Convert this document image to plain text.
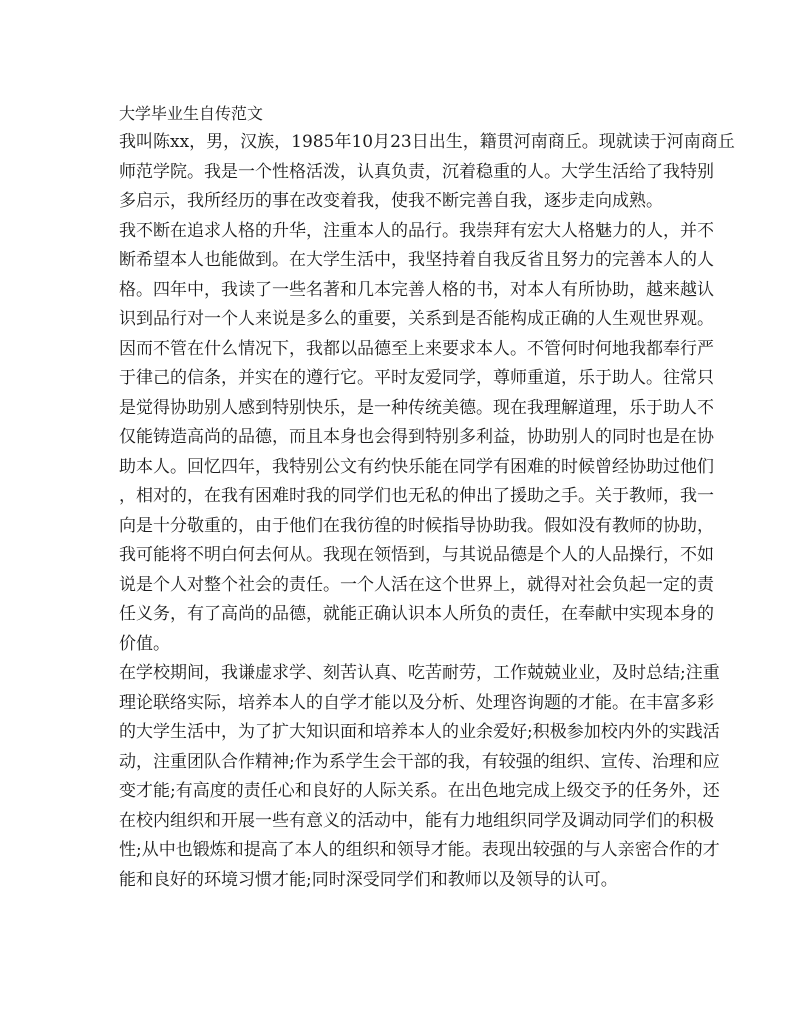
大学毕业生自传范文

我叫陈xx，男，汉族，1985年10月23日出生，籍贯河南商丘。现就读于河南商丘
师范学院。我是一个性格活泼，认真负责，沉着稳重的人。大学生活给了我特别
多启示，我所经历的事在改变着我，使我不断完善自我，逐步走向成熟。

我不断在追求人格的升华，注重本人的品行。我崇拜有宏大人格魅力的人，并不
断希望本人也能做到。在大学生活中，我坚持着自我反省且努力的完善本人的人
格。四年中，我读了一些名著和几本完善人格的书，对本人有所协助，越来越认
识到品行对一个人来说是多么的重要，关系到是否能构成正确的人生观世界观。
因而不管在什么情况下，我都以品德至上来要求本人。不管何时何地我都奉行严
于律己的信条，并实在的遵行它。平时友爱同学，尊师重道，乐于助人。往常只
是觉得协助别人感到特别快乐，是一种传统美德。现在我理解道理，乐于助人不
仅能铸造高尚的品德，而且本身也会得到特别多利益，协助别人的同时也是在协
助本人。回忆四年，我特别公文有约快乐能在同学有困难的时候曾经协助过他们
，相对的，在我有困难时我的同学们也无私的伸出了援助之手。关于教师，我一
向是十分敬重的，由于他们在我彷徨的时候指导协助我。假如没有教师的协助，
我可能将不明白何去何从。我现在领悟到，与其说品德是个人的人品操行，不如
说是个人对整个社会的责任。一个人活在这个世界上，就得对社会负起一定的责
任义务，有了高尚的品德，就能正确认识本人所负的责任，在奉献中实现本身的
价值。

在学校期间，我谦虚求学、刻苦认真、吃苦耐劳，工作兢兢业业，及时总结;注重
理论联络实际，培养本人的自学才能以及分析、处理咨询题的才能。在丰富多彩
的大学生活中，为了扩大知识面和培养本人的业余爱好;积极参加校内外的实践活
动，注重团队合作精神;作为系学生会干部的我，有较强的组织、宣传、治理和应
变才能;有高度的责任心和良好的人际关系。在出色地完成上级交予的任务外，还
在校内组织和开展一些有意义的活动中，能有力地组织同学及调动同学们的积极
性;从中也锻炼和提高了本人的组织和领导才能。表现出较强的与人亲密合作的才
能和良好的环境习惯才能;同时深受同学们和教师以及领导的认可。
